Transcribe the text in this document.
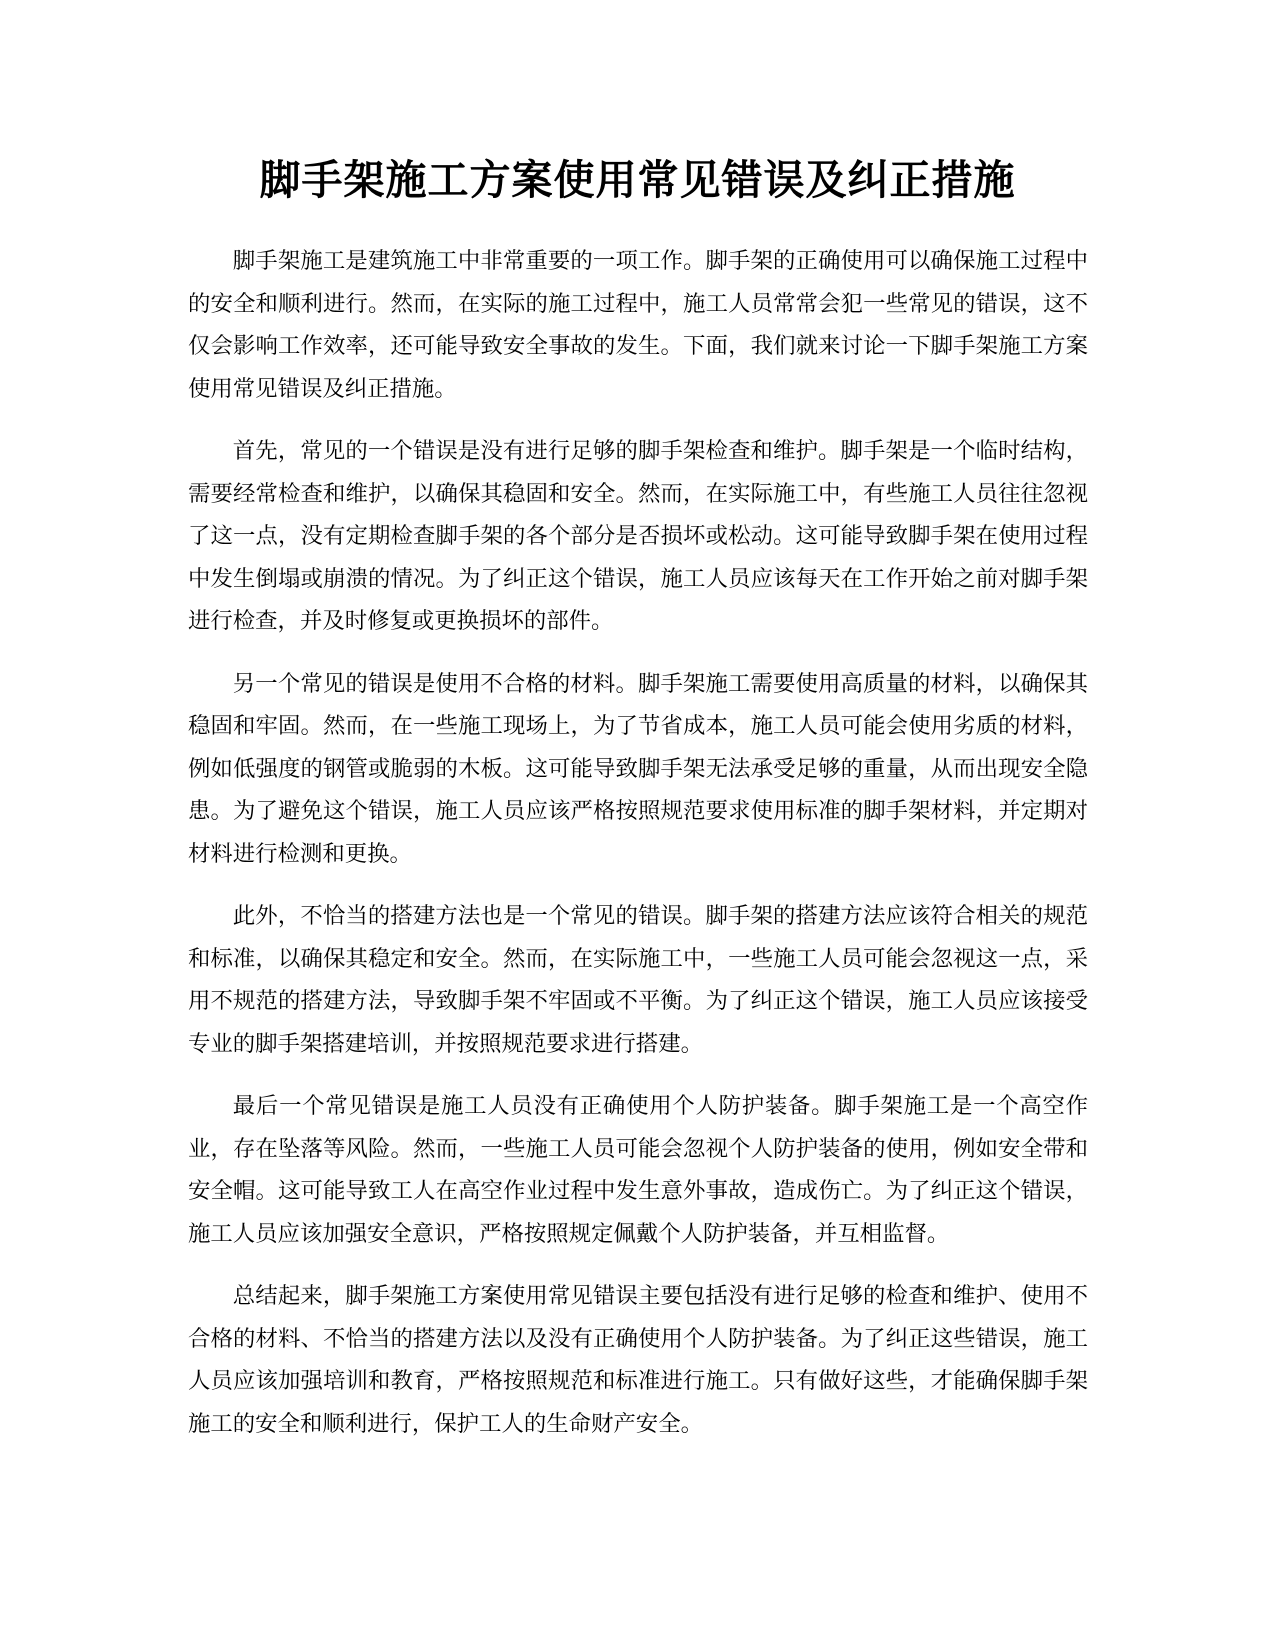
脚手架施工方案使用常见错误及纠正措施

脚手架施工是建筑施工中非常重要的一项工作。脚手架的正确使用可以确保施工过程中的安全和顺利进行。然而，在实际的施工过程中，施工人员常常会犯一些常见的错误，这不仅会影响工作效率，还可能导致安全事故的发生。下面，我们就来讨论一下脚手架施工方案使用常见错误及纠正措施。

首先，常见的一个错误是没有进行足够的脚手架检查和维护。脚手架是一个临时结构，需要经常检查和维护，以确保其稳固和安全。然而，在实际施工中，有些施工人员往往忽视了这一点，没有定期检查脚手架的各个部分是否损坏或松动。这可能导致脚手架在使用过程中发生倒塌或崩溃的情况。为了纠正这个错误，施工人员应该每天在工作开始之前对脚手架进行检查，并及时修复或更换损坏的部件。

另一个常见的错误是使用不合格的材料。脚手架施工需要使用高质量的材料，以确保其稳固和牢固。然而，在一些施工现场上，为了节省成本，施工人员可能会使用劣质的材料，例如低强度的钢管或脆弱的木板。这可能导致脚手架无法承受足够的重量，从而出现安全隐患。为了避免这个错误，施工人员应该严格按照规范要求使用标准的脚手架材料，并定期对材料进行检测和更换。

此外，不恰当的搭建方法也是一个常见的错误。脚手架的搭建方法应该符合相关的规范和标准，以确保其稳定和安全。然而，在实际施工中，一些施工人员可能会忽视这一点，采用不规范的搭建方法，导致脚手架不牢固或不平衡。为了纠正这个错误，施工人员应该接受专业的脚手架搭建培训，并按照规范要求进行搭建。

最后一个常见错误是施工人员没有正确使用个人防护装备。脚手架施工是一个高空作业，存在坠落等风险。然而，一些施工人员可能会忽视个人防护装备的使用，例如安全带和安全帽。这可能导致工人在高空作业过程中发生意外事故，造成伤亡。为了纠正这个错误，施工人员应该加强安全意识，严格按照规定佩戴个人防护装备，并互相监督。

总结起来，脚手架施工方案使用常见错误主要包括没有进行足够的检查和维护、使用不合格的材料、不恰当的搭建方法以及没有正确使用个人防护装备。为了纠正这些错误，施工人员应该加强培训和教育，严格按照规范和标准进行施工。只有做好这些，才能确保脚手架施工的安全和顺利进行，保护工人的生命财产安全。
